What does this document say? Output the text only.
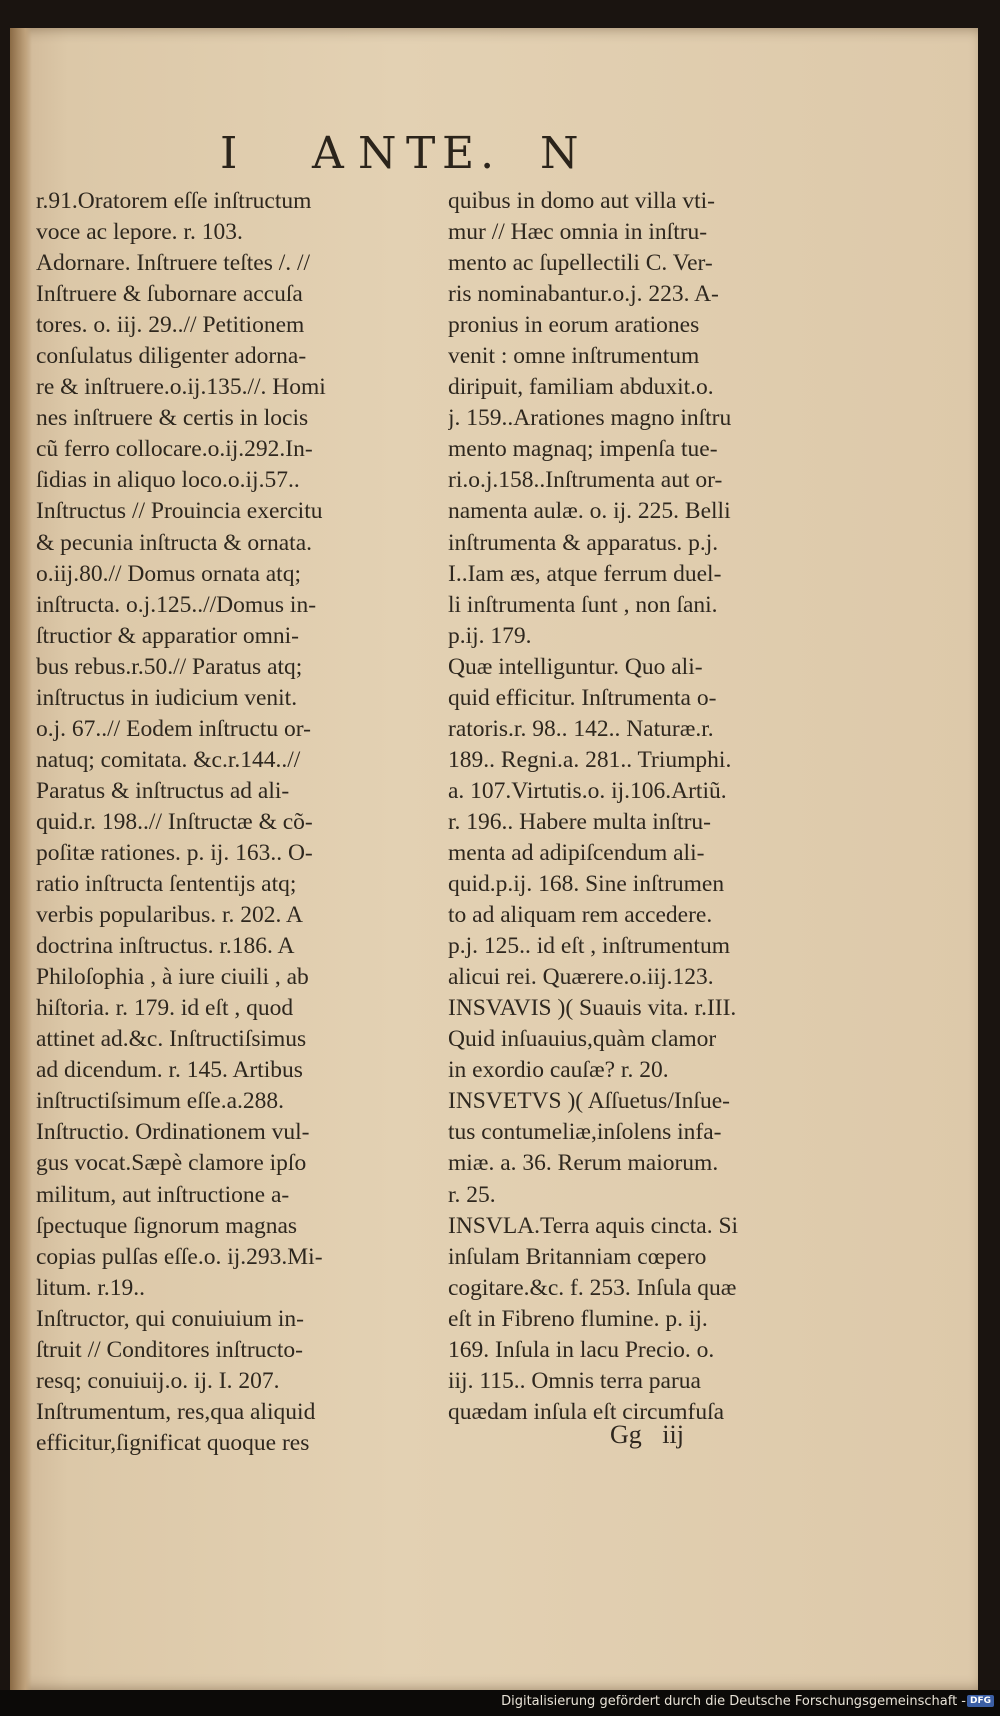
I A N T E. N
r.91.Oratorem eſſe inſtructum
voce ac lepore. r. 103.
Adornare. Inſtruere teſtes /. //
Inſtruere & ſubornare accuſa
tores. o. iij. 29..// Petitionem
conſulatus diligenter adorna-
re & inſtruere.o.ij.135.//. Homi
nes inſtruere & certis in locis
cũ ferro collocare.o.ij.292.In-
ſidias in aliquo loco.o.ij.57..
Inſtructus // Prouincia exercitu
& pecunia inſtructa & ornata.
o.iij.80.// Domus ornata atq;
inſtructa. o.j.125..//Domus in-
ſtructior & apparatior omni-
bus rebus.r.50.// Paratus atq;
inſtructus in iudicium venit.
o.j. 67..// Eodem inſtructu or-
natuq; comitata. &c.r.144..//
Paratus & inſtructus ad ali-
quid.r. 198..// Inſtructæ & cõ-
poſitæ rationes. p. ij. 163.. O-
ratio inſtructa ſententijs atq;
verbis popularibus. r. 202. A
doctrina inſtructus. r.186. A
Philoſophia , à iure ciuili , ab
hiſtoria. r. 179. id eſt , quod
attinet ad.&c. Inſtructiſsimus
ad dicendum. r. 145. Artibus
inſtructiſsimum eſſe.a.288.
Inſtructio. Ordinationem vul-
gus vocat.Sæpè clamore ipſo
militum, aut inſtructione a-
ſpectuque ſignorum magnas
copias pulſas eſſe.o. ij.293.Mi-
litum. r.19..
Inſtructor, qui conuiuium in-
ſtruit // Conditores inſtructo-
resq; conuiuij.o. ij. I. 207.
Inſtrumentum, res,qua aliquid
efficitur,ſignificat quoque res
quibus in domo aut villa vti-
mur // Hæc omnia in inſtru-
mento ac ſupellectili C. Ver-
ris nominabantur.o.j. 223. A-
pronius in eorum arationes
venit : omne inſtrumentum
diripuit, familiam abduxit.o.
j. 159..Arationes magno inſtru
mento magnaq; impenſa tue-
ri.o.j.158..Inſtrumenta aut or-
namenta aulæ. o. ij. 225. Belli
inſtrumenta & apparatus. p.j.
I..Iam æs, atque ferrum duel-
li inſtrumenta ſunt , non ſani.
p.ij. 179.
Quæ intelliguntur. Quo ali-
quid efficitur. Inſtrumenta o-
ratoris.r. 98.. 142.. Naturæ.r.
189.. Regni.a. 281.. Triumphi.
a. 107.Virtutis.o. ij.106.Artiũ.
r. 196.. Habere multa inſtru-
menta ad adipiſcendum ali-
quid.p.ij. 168. Sine inſtrumen
to ad aliquam rem accedere.
p.j. 125.. id eſt , inſtrumentum
alicui rei. Quærere.o.iij.123.
INSVAVIS )( Suauis vita. r.III.
Quid inſuauius,quàm clamor
in exordio cauſæ? r. 20.
INSVETVS )( Aſſuetus/Inſue-
tus contumeliæ,inſolens infa-
miæ. a. 36. Rerum maiorum.
r. 25.
INSVLA.Terra aquis cincta. Si
inſulam Britanniam cœpero
cogitare.&c. f. 253. Inſula quæ
eſt in Fibreno flumine. p. ij.
169. Inſula in lacu Precio. o.
iij. 115.. Omnis terra parua
quædam inſula eſt circumfuſa
Gg iij
Digitalisierung gefördert durch die Deutsche Forschungsgemeinschaft - DFG
